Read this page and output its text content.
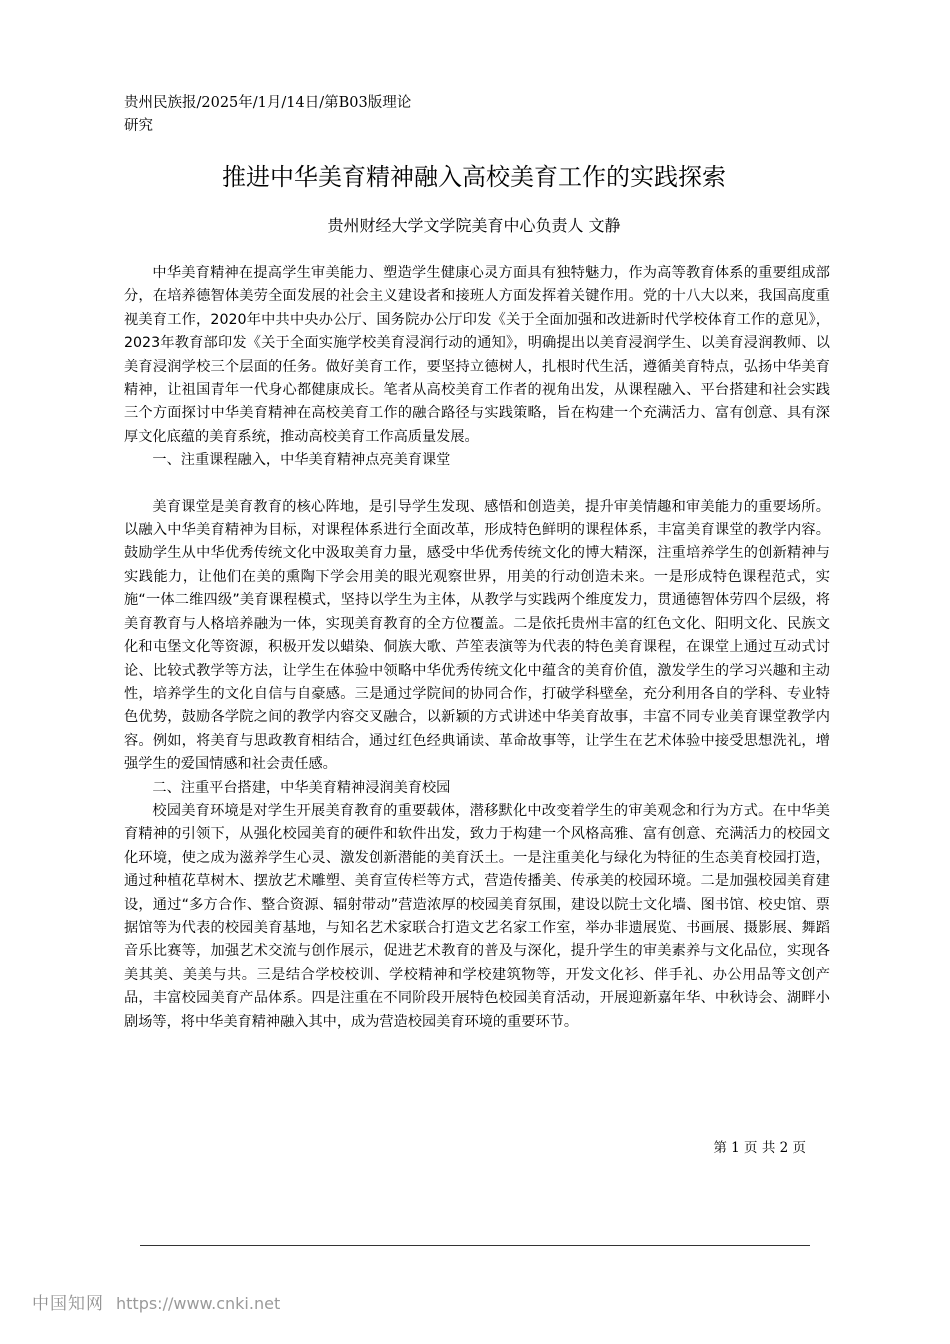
贵州民族报/2025年/1月/14日/第B03版理论研究
推进中华美育精神融入高校美育工作的实践探索
贵州财经大学文学院美育中心负责人 文静

中华美育精神在提高学生审美能力、塑造学生健康心灵方面具有独特魅力，作为高等教育体系的重要组成部分，在培养德智体美劳全面发展的社会主义建设者和接班人方面发挥着关键作用。党的十八大以来，我国高度重视美育工作，2020年中共中央办公厅、国务院办公厅印发《关于全面加强和改进新时代学校体育工作的意见》，2023年教育部印发《关于全面实施学校美育浸润行动的通知》，明确提出以美育浸润学生、以美育浸润教师、以美育浸润学校三个层面的任务。做好美育工作，要坚持立德树人，扎根时代生活，遵循美育特点，弘扬中华美育精神，让祖国青年一代身心都健康成长。笔者从高校美育工作者的视角出发，从课程融入、平台搭建和社会实践三个方面探讨中华美育精神在高校美育工作的融合路径与实践策略，旨在构建一个充满活力、富有创意、具有深厚文化底蕴的美育系统，推动高校美育工作高质量发展。

一、注重课程融入，中华美育精神点亮美育课堂

美育课堂是美育教育的核心阵地，是引导学生发现、感悟和创造美，提升审美情趣和审美能力的重要场所。以融入中华美育精神为目标，对课程体系进行全面改革，形成特色鲜明的课程体系，丰富美育课堂的教学内容。鼓励学生从中华优秀传统文化中汲取美育力量，感受中华优秀传统文化的博大精深，注重培养学生的创新精神与实践能力，让他们在美的熏陶下学会用美的眼光观察世界，用美的行动创造未来。一是形成特色课程范式，实施“一体二维四级”美育课程模式，坚持以学生为主体，从教学与实践两个维度发力，贯通德智体劳四个层级，将美育教育与人格培养融为一体，实现美育教育的全方位覆盖。二是依托贵州丰富的红色文化、阳明文化、民族文化和屯堡文化等资源，积极开发以蜡染、侗族大歌、芦笙表演等为代表的特色美育课程，在课堂上通过互动式讨论、比较式教学等方法，让学生在体验中领略中华优秀传统文化中蕴含的美育价值，激发学生的学习兴趣和主动性，培养学生的文化自信与自豪感。三是通过学院间的协同合作，打破学科壁垒，充分利用各自的学科、专业特色优势，鼓励各学院之间的教学内容交叉融合，以新颖的方式讲述中华美育故事，丰富不同专业美育课堂教学内容。例如，将美育与思政教育相结合，通过红色经典诵读、革命故事等，让学生在艺术体验中接受思想洗礼，增强学生的爱国情感和社会责任感。

二、注重平台搭建，中华美育精神浸润美育校园

校园美育环境是对学生开展美育教育的重要载体，潜移默化中改变着学生的审美观念和行为方式。在中华美育精神的引领下，从强化校园美育的硬件和软件出发，致力于构建一个风格高雅、富有创意、充满活力的校园文化环境，使之成为滋养学生心灵、激发创新潜能的美育沃土。一是注重美化与绿化为特征的生态美育校园打造，通过种植花草树木、摆放艺术雕塑、美育宣传栏等方式，营造传播美、传承美的校园环境。二是加强校园美育建设，通过“多方合作、整合资源、辐射带动”营造浓厚的校园美育氛围，建设以院士文化墙、图书馆、校史馆、票据馆等为代表的校园美育基地，与知名艺术家联合打造文艺名家工作室，举办非遗展览、书画展、摄影展、舞蹈音乐比赛等，加强艺术交流与创作展示，促进艺术教育的普及与深化，提升学生的审美素养与文化品位，实现各美其美、美美与共。三是结合学校校训、学校精神和学校建筑物等，开发文化衫、伴手礼、办公用品等文创产品，丰富校园美育产品体系。四是注重在不同阶段开展特色校园美育活动，开展迎新嘉年华、中秋诗会、湖畔小剧场等，将中华美育精神融入其中，成为营造校园美育环境的重要环节。

第 1 页 共 2 页
中国知网 https://www.cnki.net
